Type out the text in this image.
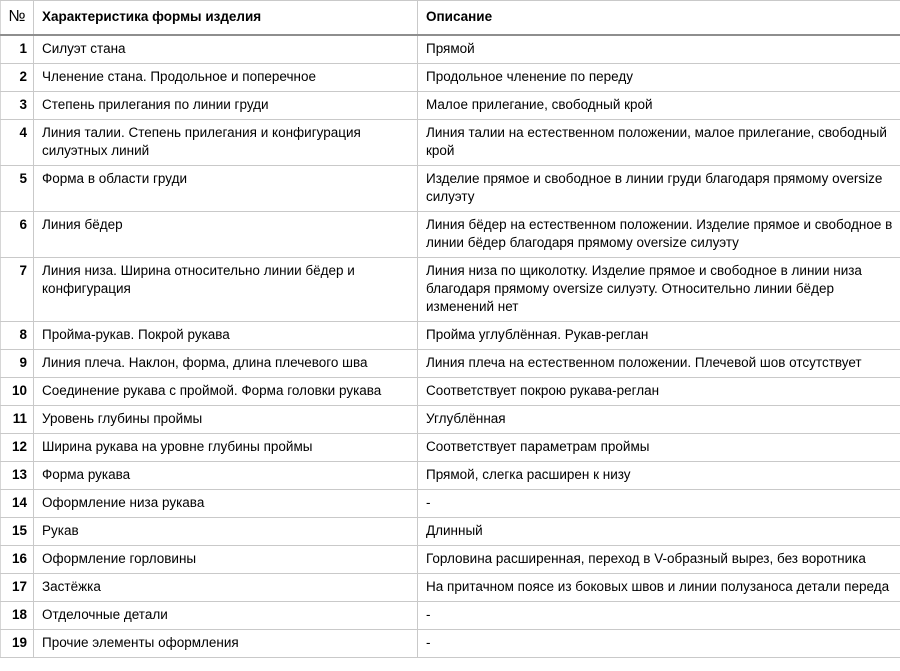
№	Характеристика формы изделия	Описание
1	Силуэт стана	Прямой
2	Членение стана. Продольное и поперечное	Продольное членение по переду
3	Степень прилегания по линии груди	Малое прилегание, свободный крой
4	Линия талии. Степень прилегания и конфигурация силуэтных линий	Линия талии на естественном положении, малое прилегание, свободный крой
5	Форма в области груди	Изделие прямое и свободное в линии груди благодаря прямому oversize силуэту
6	Линия бёдер	Линия бёдер на естественном положении. Изделие прямое и свободное в линии бёдер благодаря прямому oversize силуэту
7	Линия низа. Ширина относительно линии бёдер и конфигурация	Линия низа по щиколотку. Изделие прямое и свободное в линии низа благодаря прямому oversize силуэту. Относительно линии бёдер изменений нет
8	Пройма-рукав. Покрой рукава	Пройма углублённая. Рукав-реглан
9	Линия плеча. Наклон, форма, длина плечевого шва	Линия плеча на естественном положении. Плечевой шов отсутствует
10	Соединение рукава с проймой. Форма головки рукава	Соответствует покрою рукава-реглан
11	Уровень глубины проймы	Углублённая
12	Ширина рукава на уровне глубины проймы	Соответствует параметрам проймы
13	Форма рукава	Прямой, слегка расширен к низу
14	Оформление низа рукава	-
15	Рукав	Длинный
16	Оформление горловины	Горловина расширенная, переход в V-образный вырез, без воротника
17	Застёжка	На притачном поясе из боковых швов и линии полузаноса детали переда
18	Отделочные детали	-
19	Прочие элементы оформления	-
